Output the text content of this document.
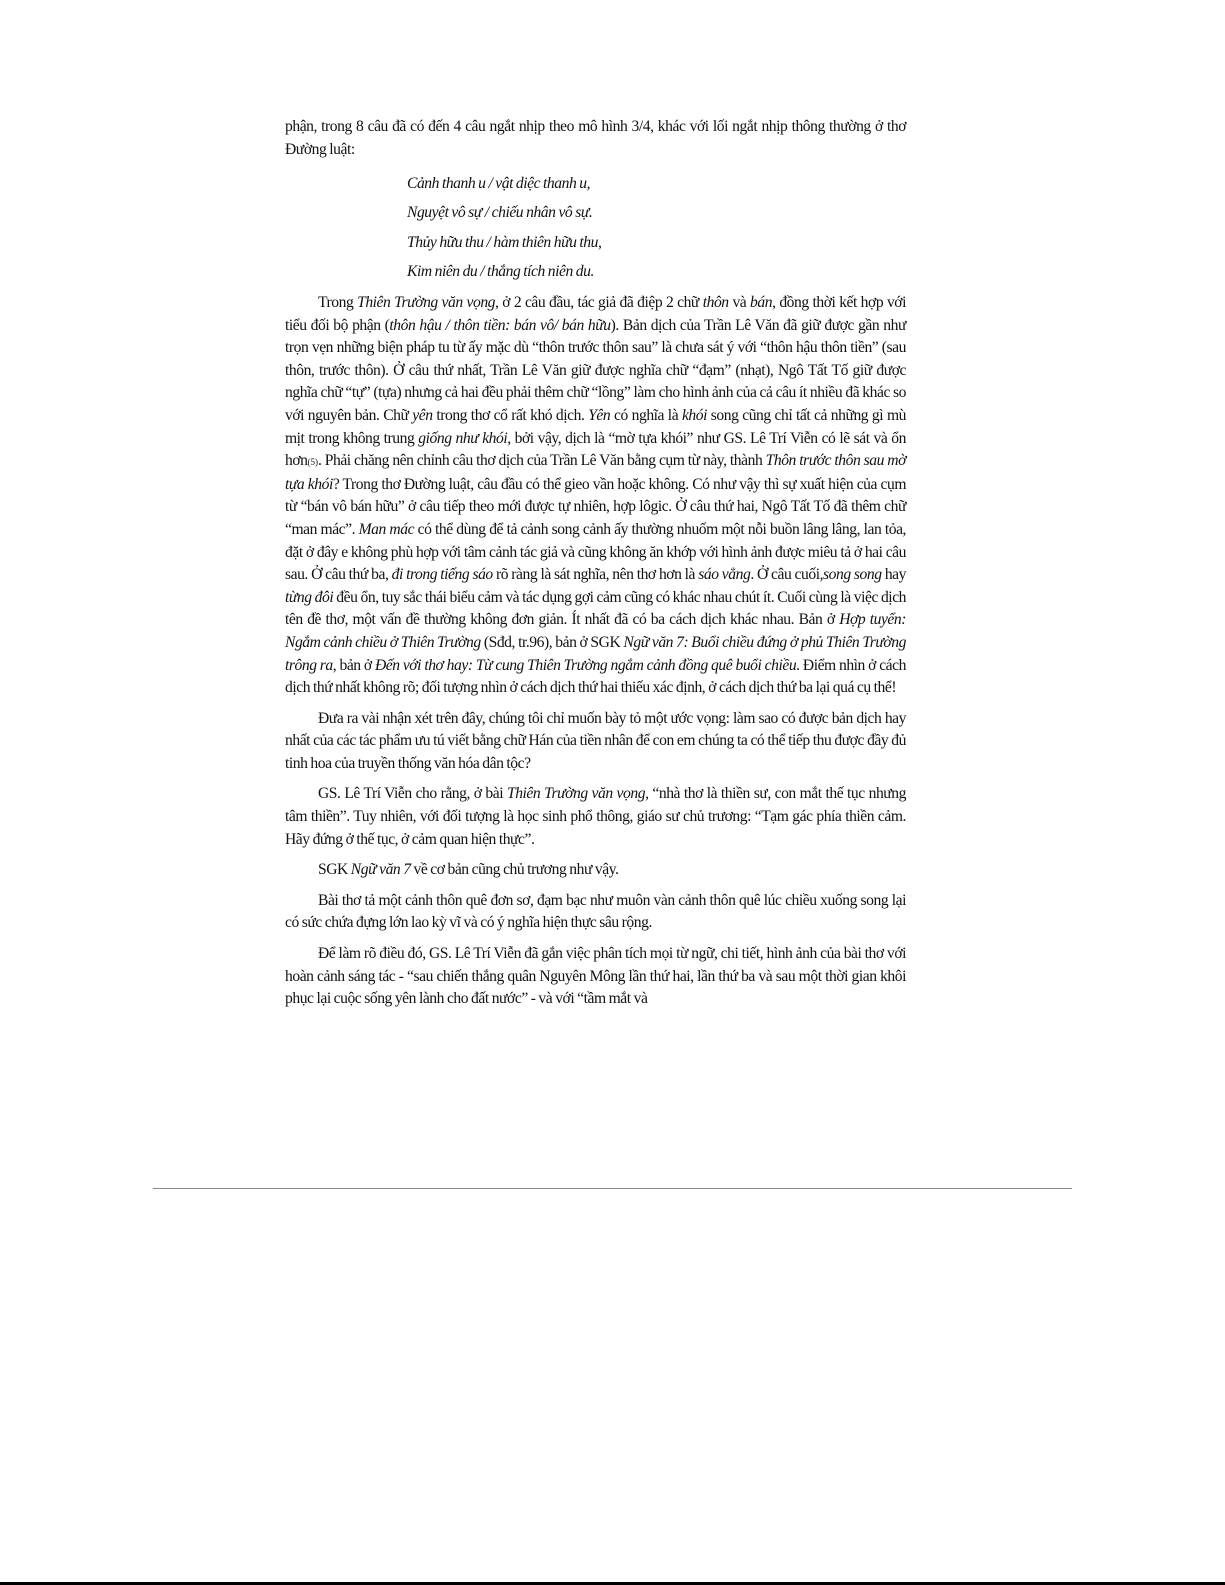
phận, trong 8 câu đã có đến 4 câu ngắt nhịp theo mô hình 3/4, khác với lối ngắt nhịp thông thường ở thơ Đường luật:

Cảnh thanh u / vật diệc thanh u,
Nguyệt vô sự / chiếu nhân vô sự.
Thủy hữu thu / hàm thiên hữu thu,
Kim niên du / thắng tích niên du.

Trong Thiên Trường văn vọng, ở 2 câu đầu, tác giả đã điệp 2 chữ thôn và bán, đồng thời kết hợp với tiểu đối bộ phận (thôn hậu / thôn tiền: bán vô/ bán hữu). Bản dịch của Trần Lê Văn đã giữ được gần như trọn vẹn những biện pháp tu từ ấy mặc dù “thôn trước thôn sau” là chưa sát ý với “thôn hậu thôn tiền” (sau thôn, trước thôn). Ở câu thứ nhất, Trần Lê Văn giữ được nghĩa chữ “đạm” (nhạt), Ngô Tất Tố giữ được nghĩa chữ “tự” (tựa) nhưng cả hai đều phải thêm chữ “lồng” làm cho hình ảnh của cả câu ít nhiều đã khác so với nguyên bản. Chữ yên trong thơ cổ rất khó dịch. Yên có nghĩa là khói song cũng chỉ tất cả những gì mù mịt trong không trung giống như khói, bởi vậy, dịch là “mờ tựa khói” như GS. Lê Trí Viễn có lẽ sát và ổn hơn(5). Phải chăng nên chỉnh câu thơ dịch của Trần Lê Văn bằng cụm từ này, thành Thôn trước thôn sau mờ tựa khói? Trong thơ Đường luật, câu đầu có thể gieo vần hoặc không. Có như vậy thì sự xuất hiện của cụm từ “bán vô bán hữu” ở câu tiếp theo mới được tự nhiên, hợp lôgic. Ở câu thứ hai, Ngô Tất Tố đã thêm chữ “man mác”. Man mác có thể dùng để tả cảnh song cảnh ấy thường nhuốm một nỗi buồn lâng lâng, lan tỏa, đặt ở đây e không phù hợp với tâm cảnh tác giả và cũng không ăn khớp với hình ảnh được miêu tả ở hai câu sau. Ở câu thứ ba, đi trong tiếng sáo rõ ràng là sát nghĩa, nên thơ hơn là sáo vẳng. Ở câu cuối,song song hay từng đôi đều ổn, tuy sắc thái biểu cảm và tác dụng gợi cảm cũng có khác nhau chút ít. Cuối cùng là việc dịch tên đề thơ, một vấn đề thường không đơn giản. Ít nhất đã có ba cách dịch khác nhau. Bản ở Hợp tuyển: Ngắm cảnh chiều ở Thiên Trường (Sđd, tr.96), bản ở SGK Ngữ văn 7: Buổi chiều đứng ở phủ Thiên Trường trông ra, bản ở Đến với thơ hay: Từ cung Thiên Trường ngắm cảnh đồng quê buổi chiều. Điểm nhìn ở cách dịch thứ nhất không rõ; đối tượng nhìn ở cách dịch thứ hai thiếu xác định, ở cách dịch thứ ba lại quá cụ thể!

Đưa ra vài nhận xét trên đây, chúng tôi chỉ muốn bày tỏ một ước vọng: làm sao có được bản dịch hay nhất của các tác phẩm ưu tú viết bằng chữ Hán của tiền nhân để con em chúng ta có thể tiếp thu được đầy đủ tinh hoa của truyền thống văn hóa dân tộc?

GS. Lê Trí Viễn cho rằng, ở bài Thiên Trường văn vọng, “nhà thơ là thiền sư, con mắt thế tục nhưng tâm thiền”. Tuy nhiên, với đối tượng là học sinh phổ thông, giáo sư chủ trương: “Tạm gác phía thiền cảm. Hãy đứng ở thế tục, ở cảm quan hiện thực”.

SGK Ngữ văn 7 về cơ bản cũng chủ trương như vậy.

Bài thơ tả một cảnh thôn quê đơn sơ, đạm bạc như muôn vàn cảnh thôn quê lúc chiều xuống song lại có sức chứa đựng lớn lao kỳ vĩ và có ý nghĩa hiện thực sâu rộng.

Để làm rõ điều đó, GS. Lê Trí Viễn đã gắn việc phân tích mọi từ ngữ, chi tiết, hình ảnh của bài thơ với hoàn cảnh sáng tác - “sau chiến thắng quân Nguyên Mông lần thứ hai, lần thứ ba và sau một thời gian khôi phục lại cuộc sống yên lành cho đất nước” - và với “tầm mắt và
